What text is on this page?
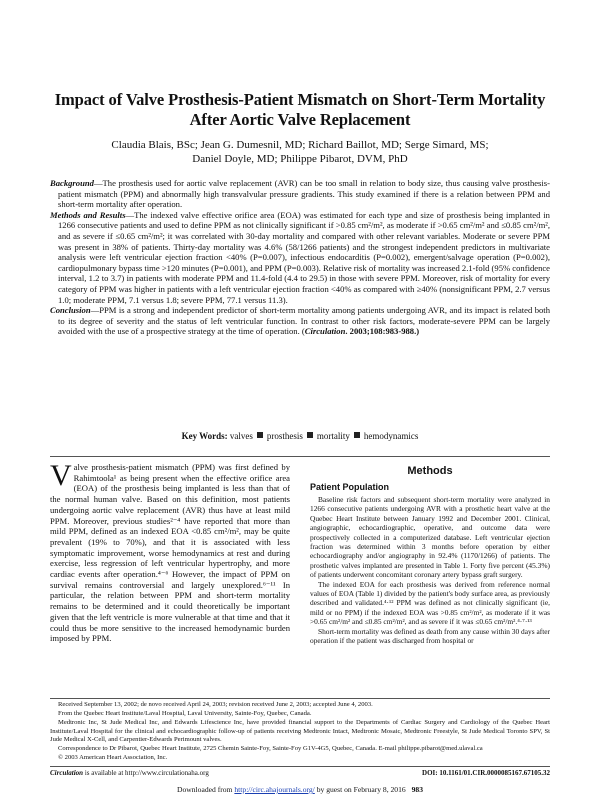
Impact of Valve Prosthesis-Patient Mismatch on Short-Term Mortality After Aortic Valve Replacement
Claudia Blais, BSc; Jean G. Dumesnil, MD; Richard Baillot, MD; Serge Simard, MS;
Daniel Doyle, MD; Philippe Pibarot, DVM, PhD

Background—The prosthesis used for aortic valve replacement (AVR) can be too small in relation to body size, thus causing valve prosthesis-patient mismatch (PPM) and abnormally high transvalvular pressure gradients. This study examined if there is a relation between PPM and short-term mortality after operation.

Methods and Results—The indexed valve effective orifice area (EOA) was estimated for each type and size of prosthesis being implanted in 1266 consecutive patients and used to define PPM as not clinically significant if >0.85 cm²/m², as moderate if >0.65 cm²/m² and ≤0.85 cm²/m², and as severe if ≤0.65 cm²/m²; it was correlated with 30-day mortality and compared with other relevant variables. Moderate or severe PPM was present in 38% of patients. Thirty-day mortality was 4.6% (58/1266 patients) and the strongest independent predictors in multivariate analysis were left ventricular ejection fraction <40% (P=0.007), infectious endocarditis (P=0.002), emergent/salvage operation (P=0.002), cardiopulmonary bypass time >120 minutes (P=0.001), and PPM (P=0.003). Relative risk of mortality was increased 2.1-fold (95% confidence interval, 1.2 to 3.7) in patients with moderate PPM and 11.4-fold (4.4 to 29.5) in those with severe PPM. Moreover, risk of mortality for every category of PPM was higher in patients with a left ventricular ejection fraction <40% as compared with ≥40% (nonsignificant PPM, 2.7 versus 1.0; moderate PPM, 7.1 versus 1.8; severe PPM, 77.1 versus 11.3).

Conclusion—PPM is a strong and independent predictor of short-term mortality among patients undergoing AVR, and its impact is related both to its degree of severity and the status of left ventricular function. In contrast to other risk factors, moderate-severe PPM can be largely avoided with the use of a prospective strategy at the time of operation. (Circulation. 2003;108:983-988.)

Key Words: valves prosthesis mortality hemodynamics
Valve prosthesis-patient mismatch (PPM) was first defined by Rahimtoola¹ as being present when the effective orifice area (EOA) of the prosthesis being implanted is less than that of the normal human valve. Based on this definition, most patients undergoing aortic valve replacement (AVR) thus have at least mild PPM. Moreover, previous studies²⁻⁴ have reported that more than mild PPM, defined as an indexed EOA <0.85 cm²/m², may be quite prevalent (19% to 70%), and that it is associated with less symptomatic improvement, worse hemodynamics at rest and during exercise, less regression of left ventricular hypertrophy, and more cardiac events after operation.⁴⁻⁶ However, the impact of PPM on survival remains controversial and largely unexplored.⁶⁻¹¹ In particular, the relation between PPM and short-term mortality remains to be determined and it could theoretically be important given that the left ventricle is more vulnerable at that time and that it could thus be more sensitive to the increased hemodynamic burden imposed by PPM.
Methods
Patient Population

Baseline risk factors and subsequent short-term mortality were analyzed in 1266 consecutive patients undergoing AVR with a prosthetic heart valve at the Quebec Heart Institute between January 1992 and December 2001. Clinical, angiographic, echocardiographic, operative, and outcome data were prospectively collected in a computerized database. Left ventricular ejection fraction was determined within 3 months before operation by either echocardiography and/or angiography in 92.4% (1170/1266) of patients. The prosthetic valves implanted are presented in Table 1. Forty five percent (45.3%) of patients underwent concomitant coronary artery bypass graft surgery.

The indexed EOA for each prosthesis was derived from reference normal values of EOA (Table 1) divided by the patient's body surface area, as previously described and validated.⁴·¹² PPM was defined as not clinically significant (ie, mild or no PPM) if the indexed EOA was >0.85 cm²/m², as moderate if it was >0.65 cm²/m² and ≤0.85 cm²/m², and as severe if it was ≤0.65 cm²/m².⁴·⁷·¹³

Short-term mortality was defined as death from any cause within 30 days after operation if the patient was discharged from hospital or

Received September 13, 2002; de novo received April 24, 2003; revision received June 2, 2003; accepted June 4, 2003.

From the Quebec Heart Institute/Laval Hospital, Laval University, Sainte-Foy, Quebec, Canada.

Medtronic Inc, St Jude Medical Inc, and Edwards Lifescience Inc, have provided financial support to the Departments of Cardiac Surgery and Cardiology of the Quebec Heart Institute/Laval Hospital for the clinical and echocardiographic follow-up of patients receiving Medtronic Intact, Medtronic Mosaic, Medtronic Freestyle, St Jude Medical Toronto SPV, St Jude Medical X-Cell, and Carpentier-Edwards Perimount valves.

Correspondence to Dr Pibarot, Quebec Heart Institute, 2725 Chemin Sainte-Foy, Sainte-Foy G1V-4G5, Quebec, Canada. E-mail philippe.pibarot@med.ulaval.ca

© 2003 American Heart Association, Inc.

Circulation is available at http://www.circulationaha.org	DOI: 10.1161/01.CIR.0000085167.67105.32
Downloaded from http://circ.ahajournals.org/ by guest on February 8, 2016 983
